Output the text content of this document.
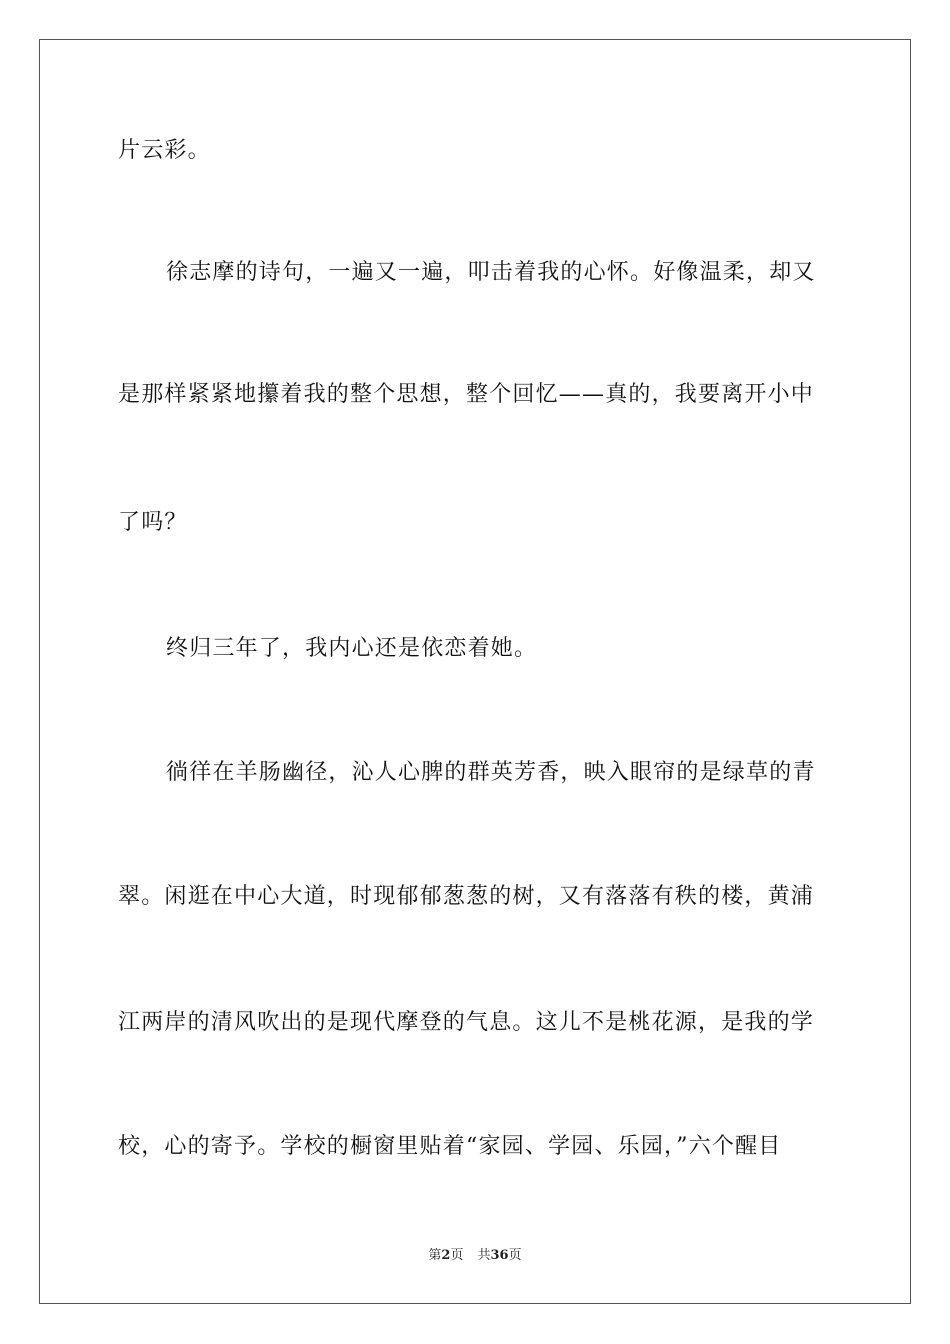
片云彩。
徐志摩的诗句，一遍又一遍，叩击着我的心怀。好像温柔，却又
是那样紧紧地攥着我的整个思想，整个回忆——真的，我要离开小中
了吗？
终归三年了，我内心还是依恋着她。
徜徉在羊肠幽径，沁人心脾的群英芳香，映入眼帘的是绿草的青
翠。闲逛在中心大道，时现郁郁葱葱的树，又有落落有秩的楼，黄浦
江两岸的清风吹出的是现代摩登的气息。这儿不是桃花源，是我的学
校，心的寄予。学校的橱窗里贴着“家园、学园、乐园，”六个醒目
第2页 共36页
